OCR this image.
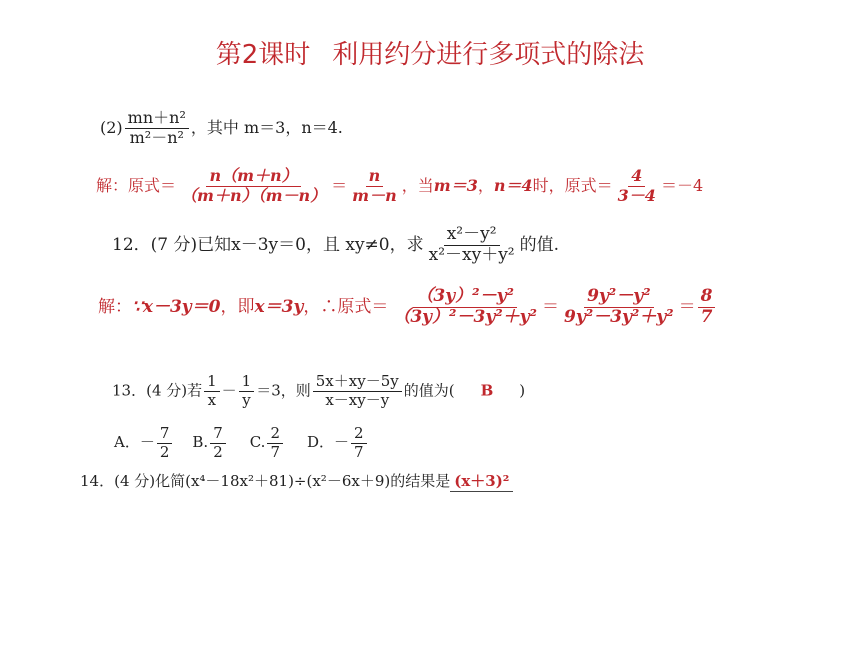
第2课时 利用约分进行多项式的除法
$(2) \frac{\text{mn＋n²}}{\text{m²－n²}}$ ，其中 m＝3，n＝4.
解：原式＝ $\frac{n(m+n)}{(m+n)(m-n)} = \frac{n}{m-n}$ ，当m＝3，n＝4时，原式＝ $\frac{4}{3-4} =-4$
12．(7 分)已知x－3y＝0，且 xy≠0，求 $\frac{\text{x²－y²}}{\text{x²－xy＋y²}}$ 的值.
解：∵x－3y＝0，即x＝3y，∴原式＝ $\frac{\text{（3y）²－y²}}{\text{（3y）²－3y²＋y²}} = \frac{\text{9y²－y²}}{\text{9y²－3y²＋y²}} = \frac{8}{7}$
13．(4 分)若 $\frac{1}{x} - \frac{1}{y} =3$，则 $\frac{5x+xy-5y}{x-xy-y}$ 的值为( B )
A．－ $\frac{7}{2} B$. $\frac{7}{2} C$. $\frac{2}{7}$ D．－ $\frac{2}{7}$
14．(4 分)化简(x⁴－18x²＋81)÷(x²－6x＋9)的结果是 (x＋3)²
